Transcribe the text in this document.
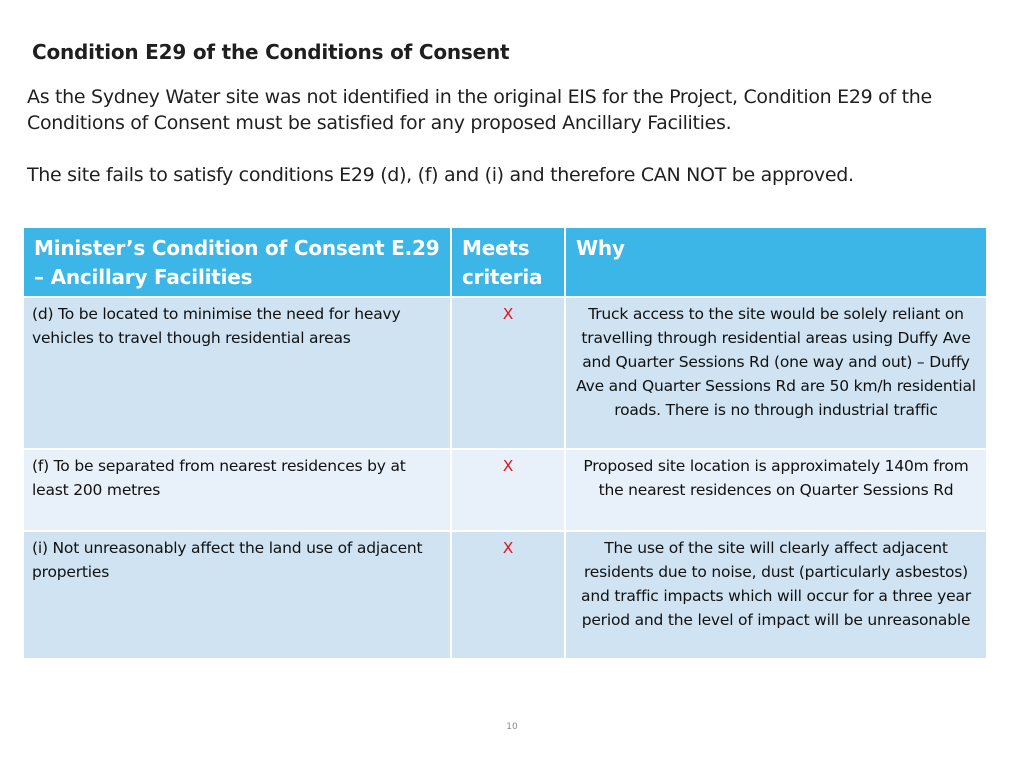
Condition E29 of the Conditions of Consent

As the Sydney Water site was not identified in the original EIS for the Project, Condition E29 of the Conditions of Consent must be satisfied for any proposed Ancillary Facilities.

The site fails to satisfy conditions E29 (d), (f) and (i) and therefore CAN NOT be approved.

Minister’s Condition of Consent E.29 – Ancillary Facilities	Meets criteria	Why
(d) To be located to minimise the need for heavy vehicles to travel though residential areas	X	Truck access to the site would be solely reliant on travelling through residential areas using Duffy Ave and Quarter Sessions Rd (one way and out) – Duffy Ave and Quarter Sessions Rd are 50 km/h residential roads. There is no through industrial traffic
(f) To be separated from nearest residences by at least 200 metres	X	Proposed site location is approximately 140m from the nearest residences on Quarter Sessions Rd
(i) Not unreasonably affect the land use of adjacent properties	X	The use of the site will clearly affect adjacent residents due to noise, dust (particularly asbestos) and traffic impacts which will occur for a three year period and the level of impact will be unreasonable
10
